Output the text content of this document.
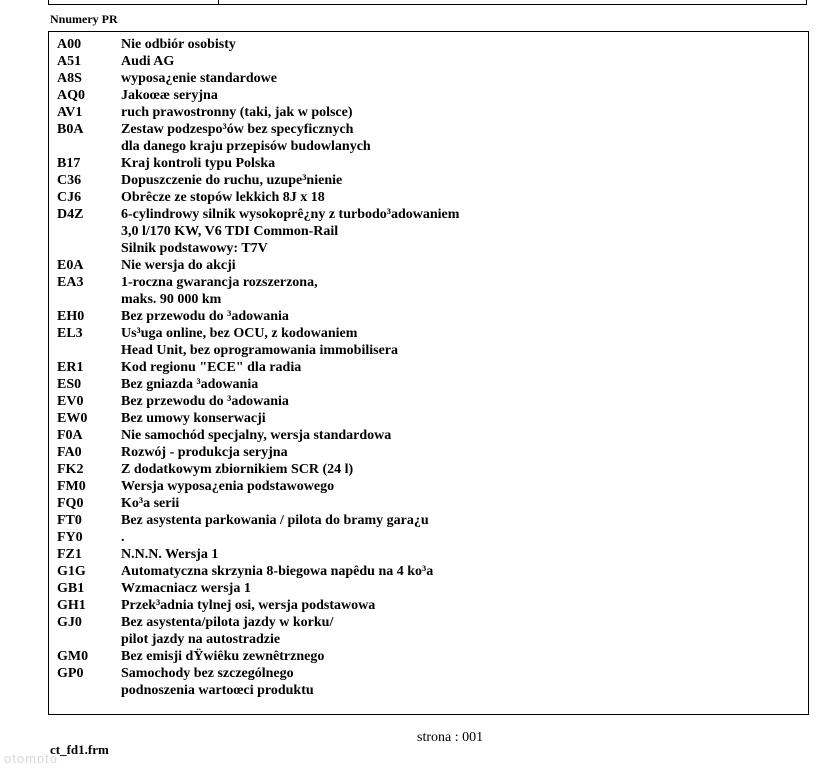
Nnumery PR
A00	Nie odbiór osobisty
A51	Audi AG
A8S	wyposa¿enie standardowe
AQ0	Jakoœæ seryjna
AV1	ruch prawostronny (taki, jak w polsce)
B0A	Zestaw podzespo³ów bez specyficznych
dla danego kraju przepisów budowlanych
B17	Kraj kontroli typu Polska
C36	Dopuszczenie do ruchu, uzupe³nienie
CJ6	Obrêcze ze stopów lekkich 8J x 18
D4Z	6-cylindrowy silnik wysokoprê¿ny z turbodo³adowaniem
3,0 l/170 KW, V6 TDI Common-Rail
Silnik podstawowy: T7V
E0A	Nie wersja do akcji
EA3	1-roczna gwarancja rozszerzona,
maks. 90 000 km
EH0	Bez przewodu do ³adowania
EL3	Us³uga online, bez OCU, z kodowaniem
Head Unit, bez oprogramowania immobilisera
ER1	Kod regionu "ECE" dla radia
ES0	Bez gniazda ³adowania
EV0	Bez przewodu do ³adowania
EW0	Bez umowy konserwacji
F0A	Nie samochód specjalny, wersja standardowa
FA0	Rozwój - produkcja seryjna
FK2	Z dodatkowym zbiornikiem SCR (24 l)
FM0	Wersja wyposa¿enia podstawowego
FQ0	Ko³a serii
FT0	Bez asystenta parkowania / pilota do bramy gara¿u
FY0	.
FZ1	N.N.N. Wersja 1
G1G	Automatyczna skrzynia 8-biegowa napêdu na 4 ko³a
GB1	Wzmacniacz wersja 1
GH1	Przek³adnia tylnej osi, wersja podstawowa
GJ0	Bez asystenta/pilota jazdy w korku/
pilot jazdy na autostradzie
GM0	Bez emisji dŸwiêku zewnêtrznego
GP0	Samochody bez szczególnego
podnoszenia wartoœci produktu
strona : 001
ct_fd1.frm
otomoto
